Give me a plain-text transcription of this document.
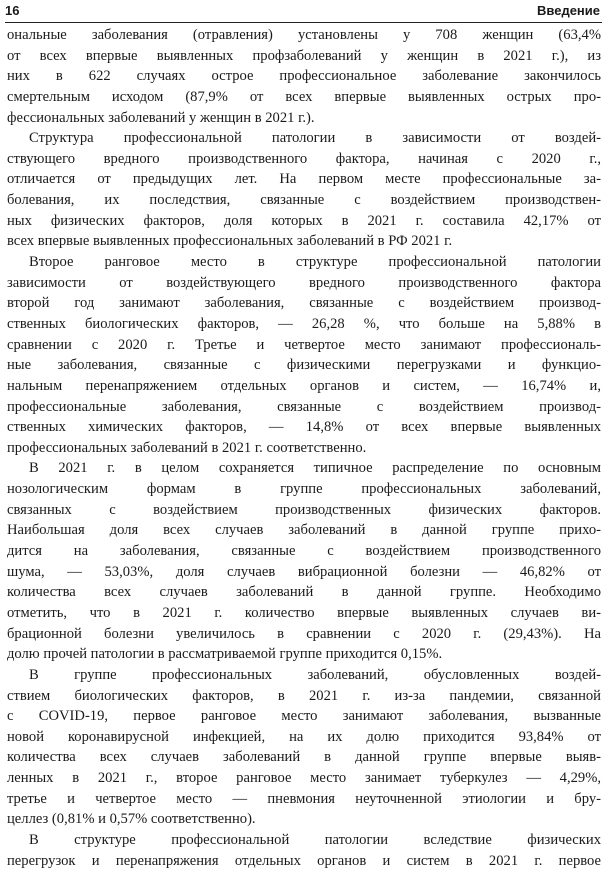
16	Введение
ональные заболевания (отравления) установлены у 708 женщин (63,4%
от всех впервые выявленных профзаболеваний у женщин в 2021 г.), из
них в 622 случаях острое профессиональное заболевание закончилось
смертельным исходом (87,9% от всех впервые выявленных острых про-
фессиональных заболеваний у женщин в 2021 г.).
Структура профессиональной патологии в зависимости от воздей-
ствующего вредного производственного фактора, начиная с 2020 г.,
отличается от предыдущих лет. На первом месте профессиональные за-
болевания, их последствия, связанные с воздействием производствен-
ных физических факторов, доля которых в 2021 г. составила 42,17% от
всех впервые выявленных профессиональных заболеваний в РФ 2021 г.
Второе ранговое место в структуре профессиональной патологии
зависимости от воздействующего вредного производственного фактора
второй год занимают заболевания, связанные с воздействием производ-
ственных биологических факторов, — 26,28 %, что больше на 5,88% в
сравнении с 2020 г. Третье и четвертое место занимают профессиональ-
ные заболевания, связанные с физическими перегрузками и функцио-
нальным перенапряжением отдельных органов и систем, — 16,74% и,
профессиональные заболевания, связанные с воздействием производ-
ственных химических факторов, — 14,8% от всех впервые выявленных
профессиональных заболеваний в 2021 г. соответственно.
В 2021 г. в целом сохраняется типичное распределение по основным
нозологическим формам в группе профессиональных заболеваний,
связанных с воздействием производственных физических факторов.
Наибольшая доля всех случаев заболеваний в данной группе прихо-
дится на заболевания, связанные с воздействием производственного
шума, — 53,03%, доля случаев вибрационной болезни — 46,82% от
количества всех случаев заболеваний в данной группе. Необходимо
отметить, что в 2021 г. количество впервые выявленных случаев ви-
брационной болезни увеличилось в сравнении с 2020 г. (29,43%). На
долю прочей патологии в рассматриваемой группе приходится 0,15%.
В группе профессиональных заболеваний, обусловленных воздей-
ствием биологических факторов, в 2021 г. из-за пандемии, связанной
с COVID-19, первое ранговое место занимают заболевания, вызванные
новой коронавирусной инфекцией, на их долю приходится 93,84% от
количества всех случаев заболеваний в данной группе впервые выяв-
ленных в 2021 г., второе ранговое место занимает туберкулез — 4,29%,
третье и четвертое место — пневмония неуточненной этиологии и бру-
целлез (0,81% и 0,57% соответственно).
В структуре профессиональной патологии вследствие физических
перегрузок и перенапряжения отдельных органов и систем в 2021 г. первое
